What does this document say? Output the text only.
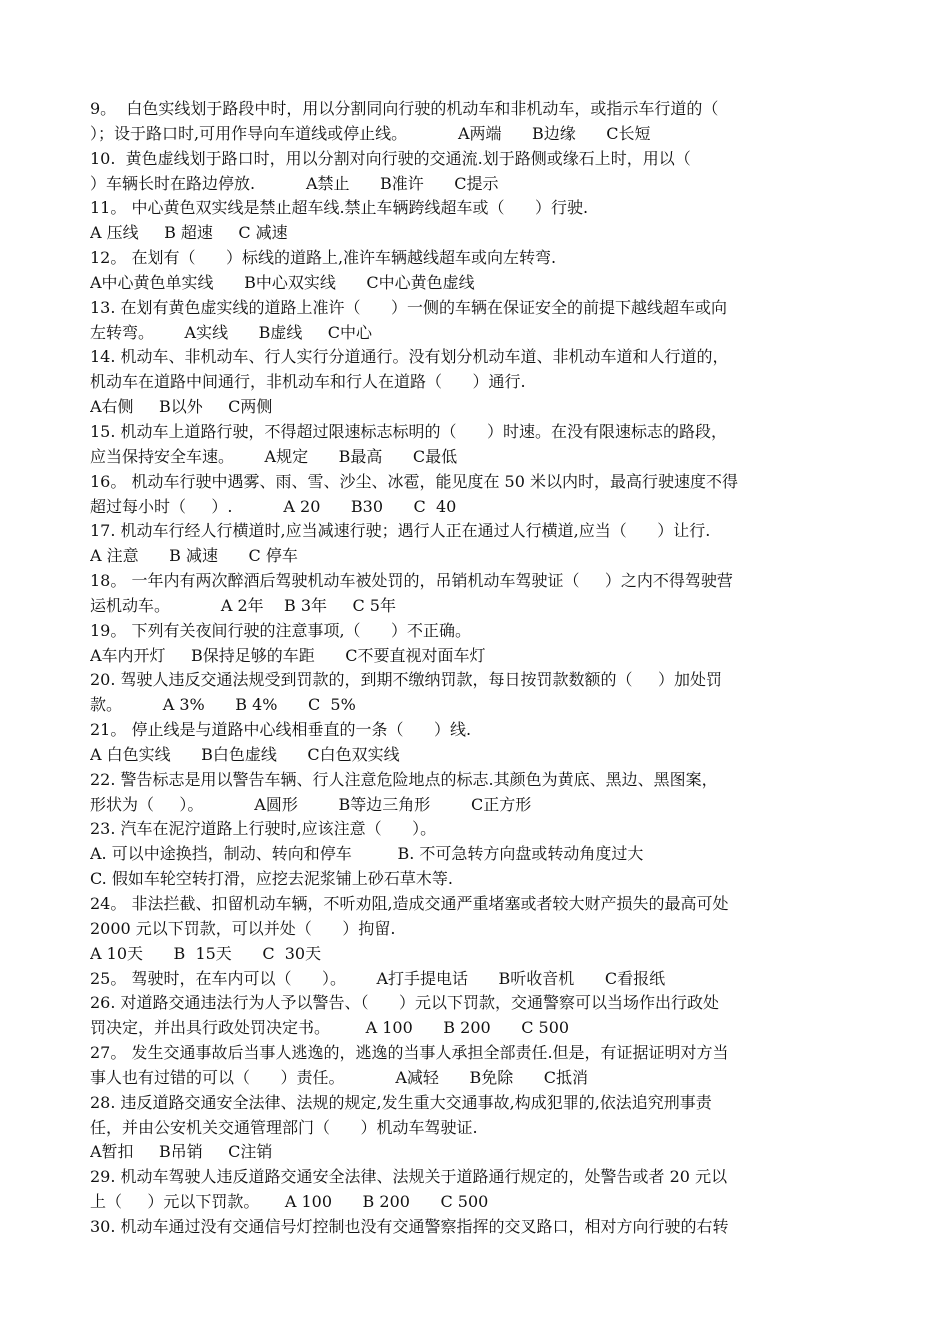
9。  白色实线划于路段中时，用以分割同向行驶的机动车和非机动车，或指示车行道的（
）；设于路口时,可用作导向车道线或停止线。          A两端      B边缘      C长短
10.  黄色虚线划于路口时，用以分割对向行驶的交通流.划于路侧或缘石上时，用以（
）车辆长时在路边停放.          A禁止      B准许      C提示
11。 中心黄色双实线是禁止超车线.禁止车辆跨线超车或（      ）行驶.
A 压线     B 超速     C 减速
12。 在划有（      ）标线的道路上,准许车辆越线超车或向左转弯.
A中心黄色单实线      B中心双实线      C中心黄色虚线
13. 在划有黄色虚实线的道路上准许（      ）一侧的车辆在保证安全的前提下越线超车或向
左转弯。      A实线      B虚线     C中心
14. 机动车、非机动车、行人实行分道通行。没有划分机动车道、非机动车道和人行道的，
机动车在道路中间通行，非机动车和行人在道路（      ）通行.
A右侧     B以外     C两侧
15. 机动车上道路行驶，不得超过限速标志标明的（      ）时速。在没有限速标志的路段，
应当保持安全车速。      A规定      B最高      C最低
16。 机动车行驶中遇雾、雨、雪、沙尘、冰雹，能见度在 50 米以内时，最高行驶速度不得
超过每小时（     ）.          A 20      B30      C  40
17. 机动车行经人行横道时,应当减速行驶；遇行人正在通过人行横道,应当（      ）让行.
A 注意      B 减速      C 停车
18。 一年内有两次醉酒后驾驶机动车被处罚的，吊销机动车驾驶证（     ）之内不得驾驶营
运机动车。          A 2年    B 3年     C 5年
19。 下列有关夜间行驶的注意事项,（      ）不正确。
A车内开灯     B保持足够的车距      C不要直视对面车灯
20. 驾驶人违反交通法规受到罚款的，到期不缴纳罚款，每日按罚款数额的（     ）加处罚
款。        A 3%      B 4%      C  5%
21。 停止线是与道路中心线相垂直的一条（      ）线.
A 白色实线      B白色虚线      C白色双实线
22. 警告标志是用以警告车辆、行人注意危险地点的标志.其颜色为黄底、黑边、黑图案，
形状为（     ）。          A圆形        B等边三角形        C正方形
23. 汽车在泥泞道路上行驶时,应该注意（      ）。
A. 可以中途换挡，制动、转向和停车         B. 不可急转方向盘或转动角度过大
C. 假如车轮空转打滑，应挖去泥浆铺上砂石草木等.
24。 非法拦截、扣留机动车辆，不听劝阻,造成交通严重堵塞或者较大财产损失的最高可处
2000 元以下罚款，可以并处（      ）拘留.
A 10天      B  15天      C  30天
25。 驾驶时，在车内可以（      ）。      A打手提电话      B听收音机      C看报纸
26. 对道路交通违法行为人予以警告、（      ）元以下罚款，交通警察可以当场作出行政处
罚决定，并出具行政处罚决定书。       A 100      B 200      C 500
27。 发生交通事故后当事人逃逸的，逃逸的当事人承担全部责任.但是，有证据证明对方当
事人也有过错的可以（      ）责任。          A减轻      B免除      C抵消
28. 违反道路交通安全法律、法规的规定,发生重大交通事故,构成犯罪的,依法追究刑事责
任，并由公安机关交通管理部门（      ）机动车驾驶证.
A暂扣     B吊销     C注销
29. 机动车驾驶人违反道路交通安全法律、法规关于道路通行规定的，处警告或者 20 元以
上（     ）元以下罚款。     A 100      B 200      C 500
30. 机动车通过没有交通信号灯控制也没有交通警察指挥的交叉路口，相对方向行驶的右转
